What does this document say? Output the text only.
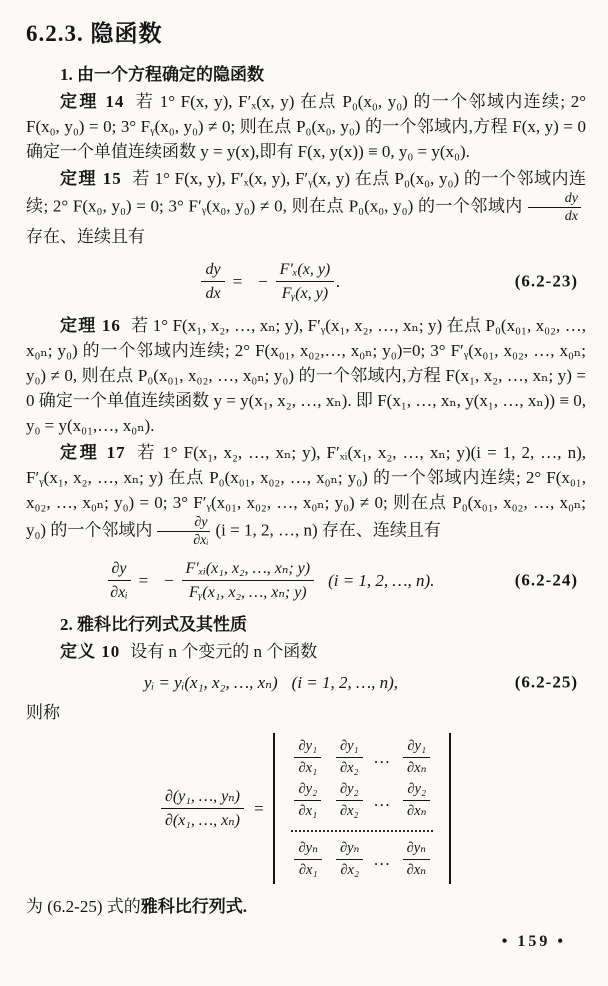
6.2.3. 隐函数

1. 由一个方程确定的隐函数

定理 14 若 1° F(x, y), F′ₓ(x, y) 在点 P₀(x₀, y₀) 的一个邻域内连续; 2° F(x₀, y₀) = 0; 3° Fᵧ(x₀, y₀) ≠ 0; 则在点 P₀(x₀, y₀) 的一个邻域内,方程 F(x, y) = 0 确定一个单值连续函数 y = y(x),即有 F(x, y(x)) ≡ 0, y₀ = y(x₀).

定理 15 若 1° F(x, y), F′ₓ(x, y), F′ᵧ(x, y) 在点 P₀(x₀, y₀) 的一个邻域内连续; 2° F(x₀, y₀) = 0; 3° F′ᵧ(x₀, y₀) ≠ 0, 则在点 P₀(x₀, y₀) 的一个邻域内 $\frac{dy}{dx}$
存在、连续且有

$\frac{dy}{dx}$ = − $\frac{\text{F′ₓ(x, y)}}{\text{Fᵧ(x, y)}}$ .	(6.2-23)

定理 16 若 1° F(x₁, x₂, …, xₙ; y), F′ᵧ(x₁, x₂, …, xₙ; y) 在点 P₀(x₀₁, x₀₂, …, x₀ₙ; y₀) 的一个邻域内连续; 2° F(x₀₁, x₀₂,…, x₀ₙ; y₀)=0; 3° F′ᵧ(x₀₁, x₀₂, …, x₀ₙ; y₀) ≠ 0, 则在点 P₀(x₀₁, x₀₂, …, x₀ₙ; y₀) 的一个邻域内,方程 F(x₁, x₂, …, xₙ; y) = 0 确定一个单值连续函数 y = y(x₁, x₂, …, xₙ). 即 F(x₁, …, xₙ, y(x₁, …, xₙ)) ≡ 0, y₀ = y(x₀₁,…, x₀ₙ).

定理 17 若 1° F(x₁, x₂, …, xₙ; y), F′ₓᵢ(x₁, x₂, …, xₙ; y)(i = 1, 2, …, n), F′ᵧ(x₁, x₂, …, xₙ; y) 在点 P₀(x₀₁, x₀₂, …, x₀ₙ; y₀) 的一个邻域内连续; 2° F(x₀₁, x₀₂, …, x₀ₙ; y₀) = 0; 3° F′ᵧ(x₀₁, x₀₂, …, x₀ₙ; y₀) ≠ 0; 则在点 P₀(x₀₁, x₀₂, …, x₀ₙ; y₀) 的一个邻域内 $\frac{\partial y}{\text{∂xᵢ}} (i = 1$, 2, …, n) 存在、连续且有

$\frac{\partial y}{\text{∂xᵢ}}$ = − $\frac{\text{F′ₓᵢ(x₁, x₂, …, xₙ; y)}}{\text{Fᵧ(x₁, x₂, …, xₙ; y)}} (i = 1$, 2, …, n).	(6.2-24)

2. 雅科比行列式及其性质

定义 10 设有 n 个变元的 n 个函数

yᵢ = yᵢ(x₁, x₂, …, xₙ) (i = 1, 2, …, n),	(6.2-25)

则称

$\frac{\text{∂(y₁, …, yₙ)}}{\text{∂(x₁, …, xₙ)}}$ =
$\frac{\text{∂y₁}}{\text{∂x₁}} \frac{\text{∂y₁}}{\text{∂x₂}}$ … $\frac{\text{∂y₁}}{\text{∂xₙ}}$
$\frac{\text{∂y₂}}{\text{∂x₁}} \frac{\text{∂y₂}}{\text{∂x₂}}$ … $\frac{\text{∂y₂}}{\text{∂xₙ}}$
$\frac{\text{∂yₙ}}{\text{∂x₁}} \frac{\text{∂yₙ}}{\text{∂x₂}}$ … $\frac{\text{∂yₙ}}{\text{∂xₙ}}$

为 (6.2-25) 式的雅科比行列式.

• 159 •
